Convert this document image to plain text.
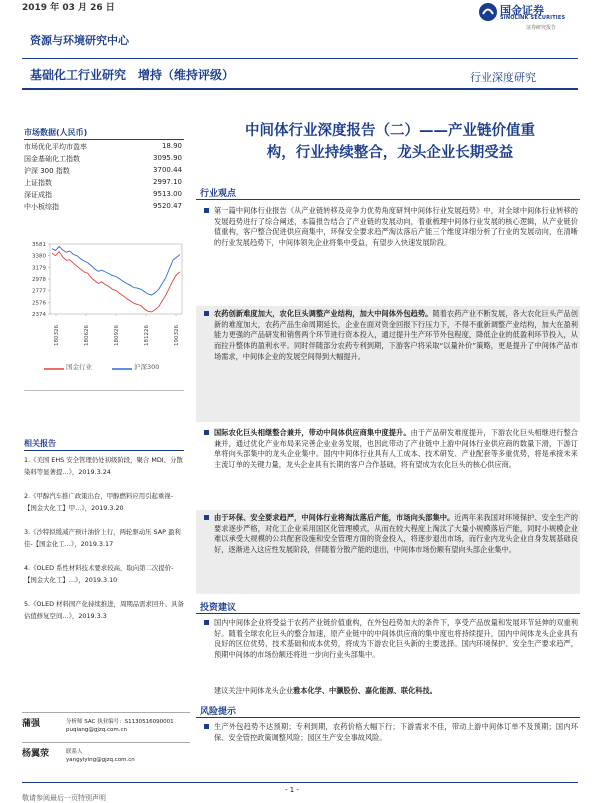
2019 年 03 月 26 日	国金证券
SINOLINK SECURITIES
证券研究报告
资源与环境研究中心
基础化工行业研究　增持（维持评级）	行业深度研究
市场数据(人民币)
市场优化平均市盈率	18.90
国金基础化工指数	3095.90
沪深 300 指数	3700.44
上证指数	2997.10
深证成指	9513.00
中小板综指	9520.47
3581
3380
3179
2978
2777
2576
2374
180326	180626	180926	181226	190326
国金行业	沪深300
相关报告
1.《美国 EHS 安全管理仍处初级阶段，聚合 MDI、分散染料等显著提…》，2019.3.24
2.《甲醇汽车推广政策出台，甲醇燃料应用引起重视-【国金大化工】甲…》，2019.3.20
3.《沙特拟缓减产预计油价上行，两轮驱动压 SAP 盈利佳-【国金化工…》，2019.3.17
4.《OLED 系性材料技术要求较高，取向第二次提价-【国金大化工】…》，2019.3.10
5.《OLED 材料国产化持续推进，周期品需求回升、具备估值修复空间…》，2019.3.3
蒲强	分析师 SAC 执业编号：S1130516090001
puqiang@gjzq.com.cn
杨翼荥	联系人
yangyiying@gjzq.com.cn
中间体行业深度报告（二）——产业链价值重
构，行业持续整合，龙头企业长期受益
行业观点
第一篇中间体行业报告《从产业链转移及竞争力优势角度研判中间体行业发展趋势》中，对全球中间体行业转移的发展趋势进行了综合阐述，本篇报告结合了产业链的发展动向，着重梳理中间体行业发展的核心逻辑，从产业链价值重构，客户整合促进供应商集中，环保安全要求趋严淘汰落后产能三个维度详细分析了行业的发展动向，在清晰的行业发展趋势下，中间体领先企业将集中受益，有望步入快速发展阶段。
农药创新难度加大，农化巨头调整产业结构，加大中间体外包趋势。随着农药产业不断发展，各大农化巨头产品创新的难度加大，农药产品生命周期延长，企业在面对资金回报下行压力下，不得不重新调整产业结构，加大在盈利能力更强的产品研发和销售两个环节进行资本投入，通过提升生产环节外包程度，降低企业的低盈利环节投入，从而拉升整体的盈利水平。同时伴随部分农药专利到期，下游客户将采取“以量补价”策略，更是提升了中间体产品市场需求，中间体企业的发展空间得到大幅提升。
国际农化巨头相继整合兼并，带动中间体供应商集中度提升。由于产品研发难度提升，下游农化巨头相继进行整合兼并，通过优化产业布局来完善企业业务发展，也因此带动了产业链中上游中间体行业供应商的数量下滑，下游订单将向头部集中的龙头企业集中。国内中间体行业具有人工成本、技术研发、产业配套等多重优势，将是承接未来主流订单的关键力量，龙头企业具有长期的客户合作基础，将有望成为农化巨头的核心供应商。
由于环保、安全要求趋严，中间体行业将淘汰落后产能，市场向头部集中。近两年来我国对环境保护、安全生产的要求逐步严格，对化工企业采用国区化管理模式，从而在较大程度上淘汰了大量小规模落后产能，同时小规模企业难以承受大规模的公共配套设施和安全管理方面的资金投入，将逐步退出市场，而行业内龙头企业自身发展基础良好，逐渐进入这应性发展阶段，伴随着分散产能的退出，中间体市场份额有望向头部企业集中。
投资建议
国内中间体企业将受益于农药产业链价值重构，在外包趋势加大的条件下，享受产品放量和发展环节延伸的双重利好。随着全球农化巨头的整合加速，原产业链中的中间体供应商的集中度也将持续提升，国内中间体龙头企业具有良好的区位优势、技术基础和成本优势，将成为下游农化巨头新的主要选择。国内环境保护、安全生产要求趋严，预期中间体的市场份额还将进一步向行业头部集中。
建议关注中间体龙头企业雅本化学、中灏股份、嘉化能源、联化科技。
风险提示
生产外包趋势不达预期；专利到期，农药价格大幅下行；下游需求不佳，带动上游中间体订单不及预期；国内环保、安全管控政策调整风险；园区生产安全事故风险。
- 1 -
敬请参阅最后一页特别声明
